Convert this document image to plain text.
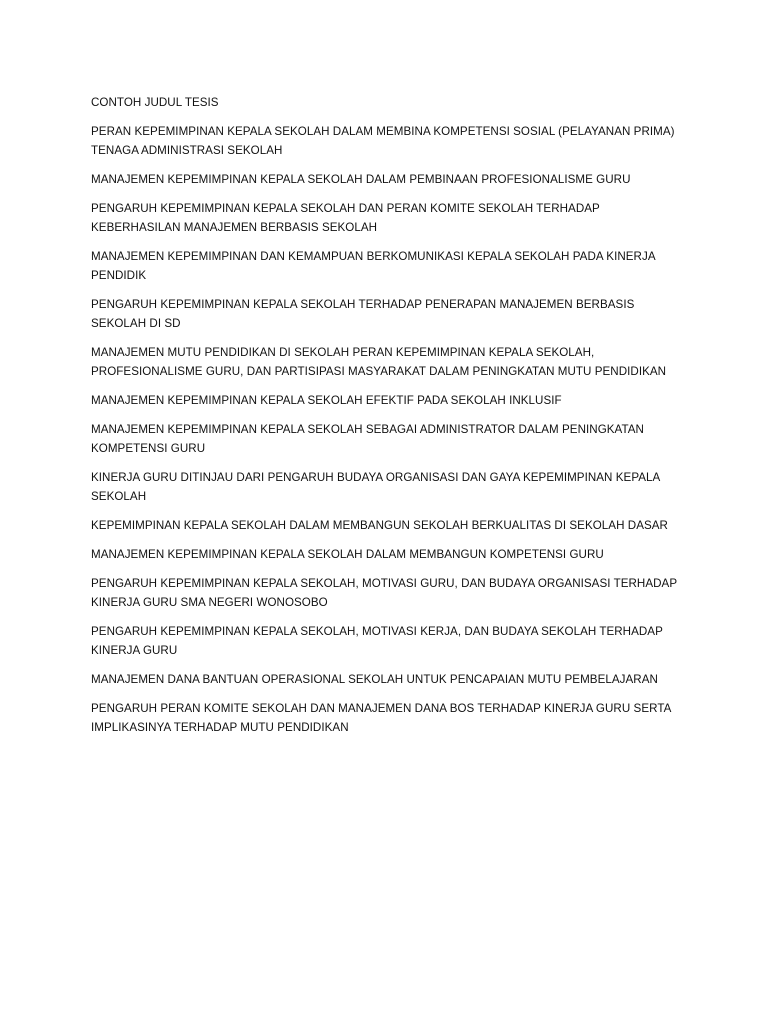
CONTOH JUDUL TESIS
PERAN KEPEMIMPINAN KEPALA SEKOLAH DALAM MEMBINA KOMPETENSI SOSIAL (PELAYANAN PRIMA) TENAGA ADMINISTRASI SEKOLAH
MANAJEMEN KEPEMIMPINAN KEPALA SEKOLAH DALAM PEMBINAAN PROFESIONALISME GURU
PENGARUH KEPEMIMPINAN KEPALA SEKOLAH DAN PERAN KOMITE SEKOLAH TERHADAP KEBERHASILAN MANAJEMEN BERBASIS SEKOLAH
MANAJEMEN KEPEMIMPINAN DAN KEMAMPUAN BERKOMUNIKASI KEPALA SEKOLAH PADA KINERJA PENDIDIK
PENGARUH KEPEMIMPINAN KEPALA SEKOLAH TERHADAP PENERAPAN MANAJEMEN BERBASIS SEKOLAH DI SD
MANAJEMEN MUTU PENDIDIKAN DI SEKOLAH PERAN KEPEMIMPINAN KEPALA SEKOLAH, PROFESIONALISME GURU, DAN PARTISIPASI MASYARAKAT DALAM PENINGKATAN MUTU PENDIDIKAN
MANAJEMEN KEPEMIMPINAN KEPALA SEKOLAH EFEKTIF PADA SEKOLAH INKLUSIF
MANAJEMEN KEPEMIMPINAN KEPALA SEKOLAH SEBAGAI ADMINISTRATOR DALAM PENINGKATAN KOMPETENSI GURU
KINERJA GURU DITINJAU DARI PENGARUH BUDAYA ORGANISASI DAN GAYA KEPEMIMPINAN KEPALA SEKOLAH
KEPEMIMPINAN KEPALA SEKOLAH DALAM MEMBANGUN SEKOLAH BERKUALITAS DI SEKOLAH DASAR
MANAJEMEN KEPEMIMPINAN KEPALA SEKOLAH DALAM MEMBANGUN KOMPETENSI GURU
PENGARUH KEPEMIMPINAN KEPALA SEKOLAH, MOTIVASI GURU, DAN BUDAYA ORGANISASI TERHADAP KINERJA GURU SMA NEGERI WONOSOBO
PENGARUH KEPEMIMPINAN KEPALA SEKOLAH, MOTIVASI KERJA, DAN BUDAYA SEKOLAH TERHADAP KINERJA GURU
MANAJEMEN DANA BANTUAN OPERASIONAL SEKOLAH UNTUK PENCAPAIAN MUTU PEMBELAJARAN
PENGARUH PERAN KOMITE SEKOLAH DAN MANAJEMEN DANA BOS TERHADAP KINERJA GURU SERTA IMPLIKASINYA TERHADAP MUTU PENDIDIKAN
